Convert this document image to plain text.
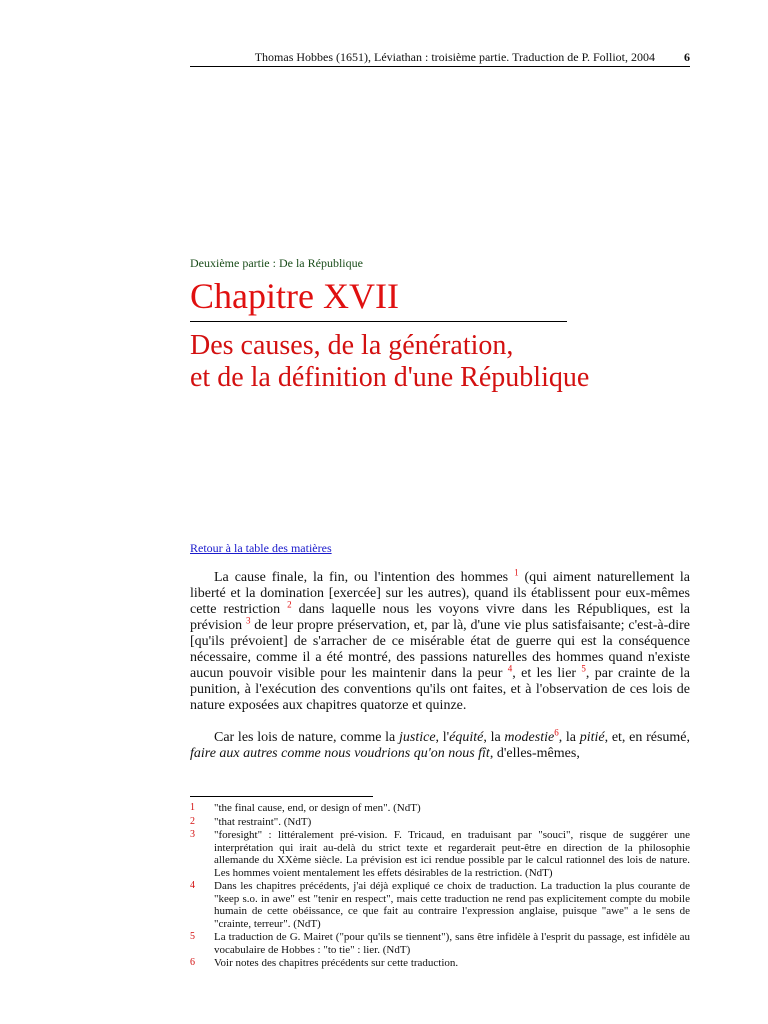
Thomas Hobbes (1651), Léviathan : troisième partie. Traduction de P. Folliot, 2004 6
Deuxième partie : De la République
Chapitre XVII
Des causes, de la génération,
et de la définition d'une République
Retour à la table des matières

La cause finale, la fin, ou l'intention des hommes $^1$ (qui aiment naturellement la liberté et la domination [exercée] sur les autres), quand ils établissent pour eux-mêmes cette restriction $^2$ dans laquelle nous les voyons vivre dans les Républiques, est la prévision $^3$ de leur propre préservation, et, par là, d'une vie plus satisfaisante; c'est-à-dire [qu'ils prévoient] de s'arracher de ce misérable état de guerre qui est la conséquence nécessaire, comme il a été montré, des passions naturelles des hommes quand n'existe aucun pouvoir visible pour les maintenir dans la peur $^4$, et les lier $^5$, par crainte de la punition, à l'exécution des conventions qu'ils ont faites, et à l'observation de ces lois de nature exposées aux chapitres quatorze et quinze.

Car les lois de nature, comme la justice, l'équité, la modestie$^6$, la pitié, et, en résumé, faire aux autres comme nous voudrions qu'on nous fît, d'elles-mêmes,

1	"the final cause, end, or design of men". (NdT)
2	"that restraint". (NdT)
3	"foresight" : littéralement pré-vision. F. Tricaud, en traduisant par "souci", risque de suggérer une interprétation qui irait au-delà du strict texte et regarderait peut-être en direction de la philosophie allemande du XXème siècle. La prévision est ici rendue possible par le calcul rationnel des lois de nature. Les hommes voient mentalement les effets désirables de la restriction. (NdT)
4	Dans les chapitres précédents, j'ai déjà expliqué ce choix de traduction. La traduction la plus courante de "keep s.o. in awe" est "tenir en respect", mais cette traduction ne rend pas explicitement compte du mobile humain de cette obéissance, ce que fait au contraire l'expression anglaise, puisque "awe" a le sens de "crainte, terreur". (NdT)
5	La traduction de G. Mairet ("pour qu'ils se tiennent"), sans être infidèle à l'esprit du passage, est infidèle au vocabulaire de Hobbes : "to tie" : lier. (NdT)
6	Voir notes des chapitres précédents sur cette traduction.
